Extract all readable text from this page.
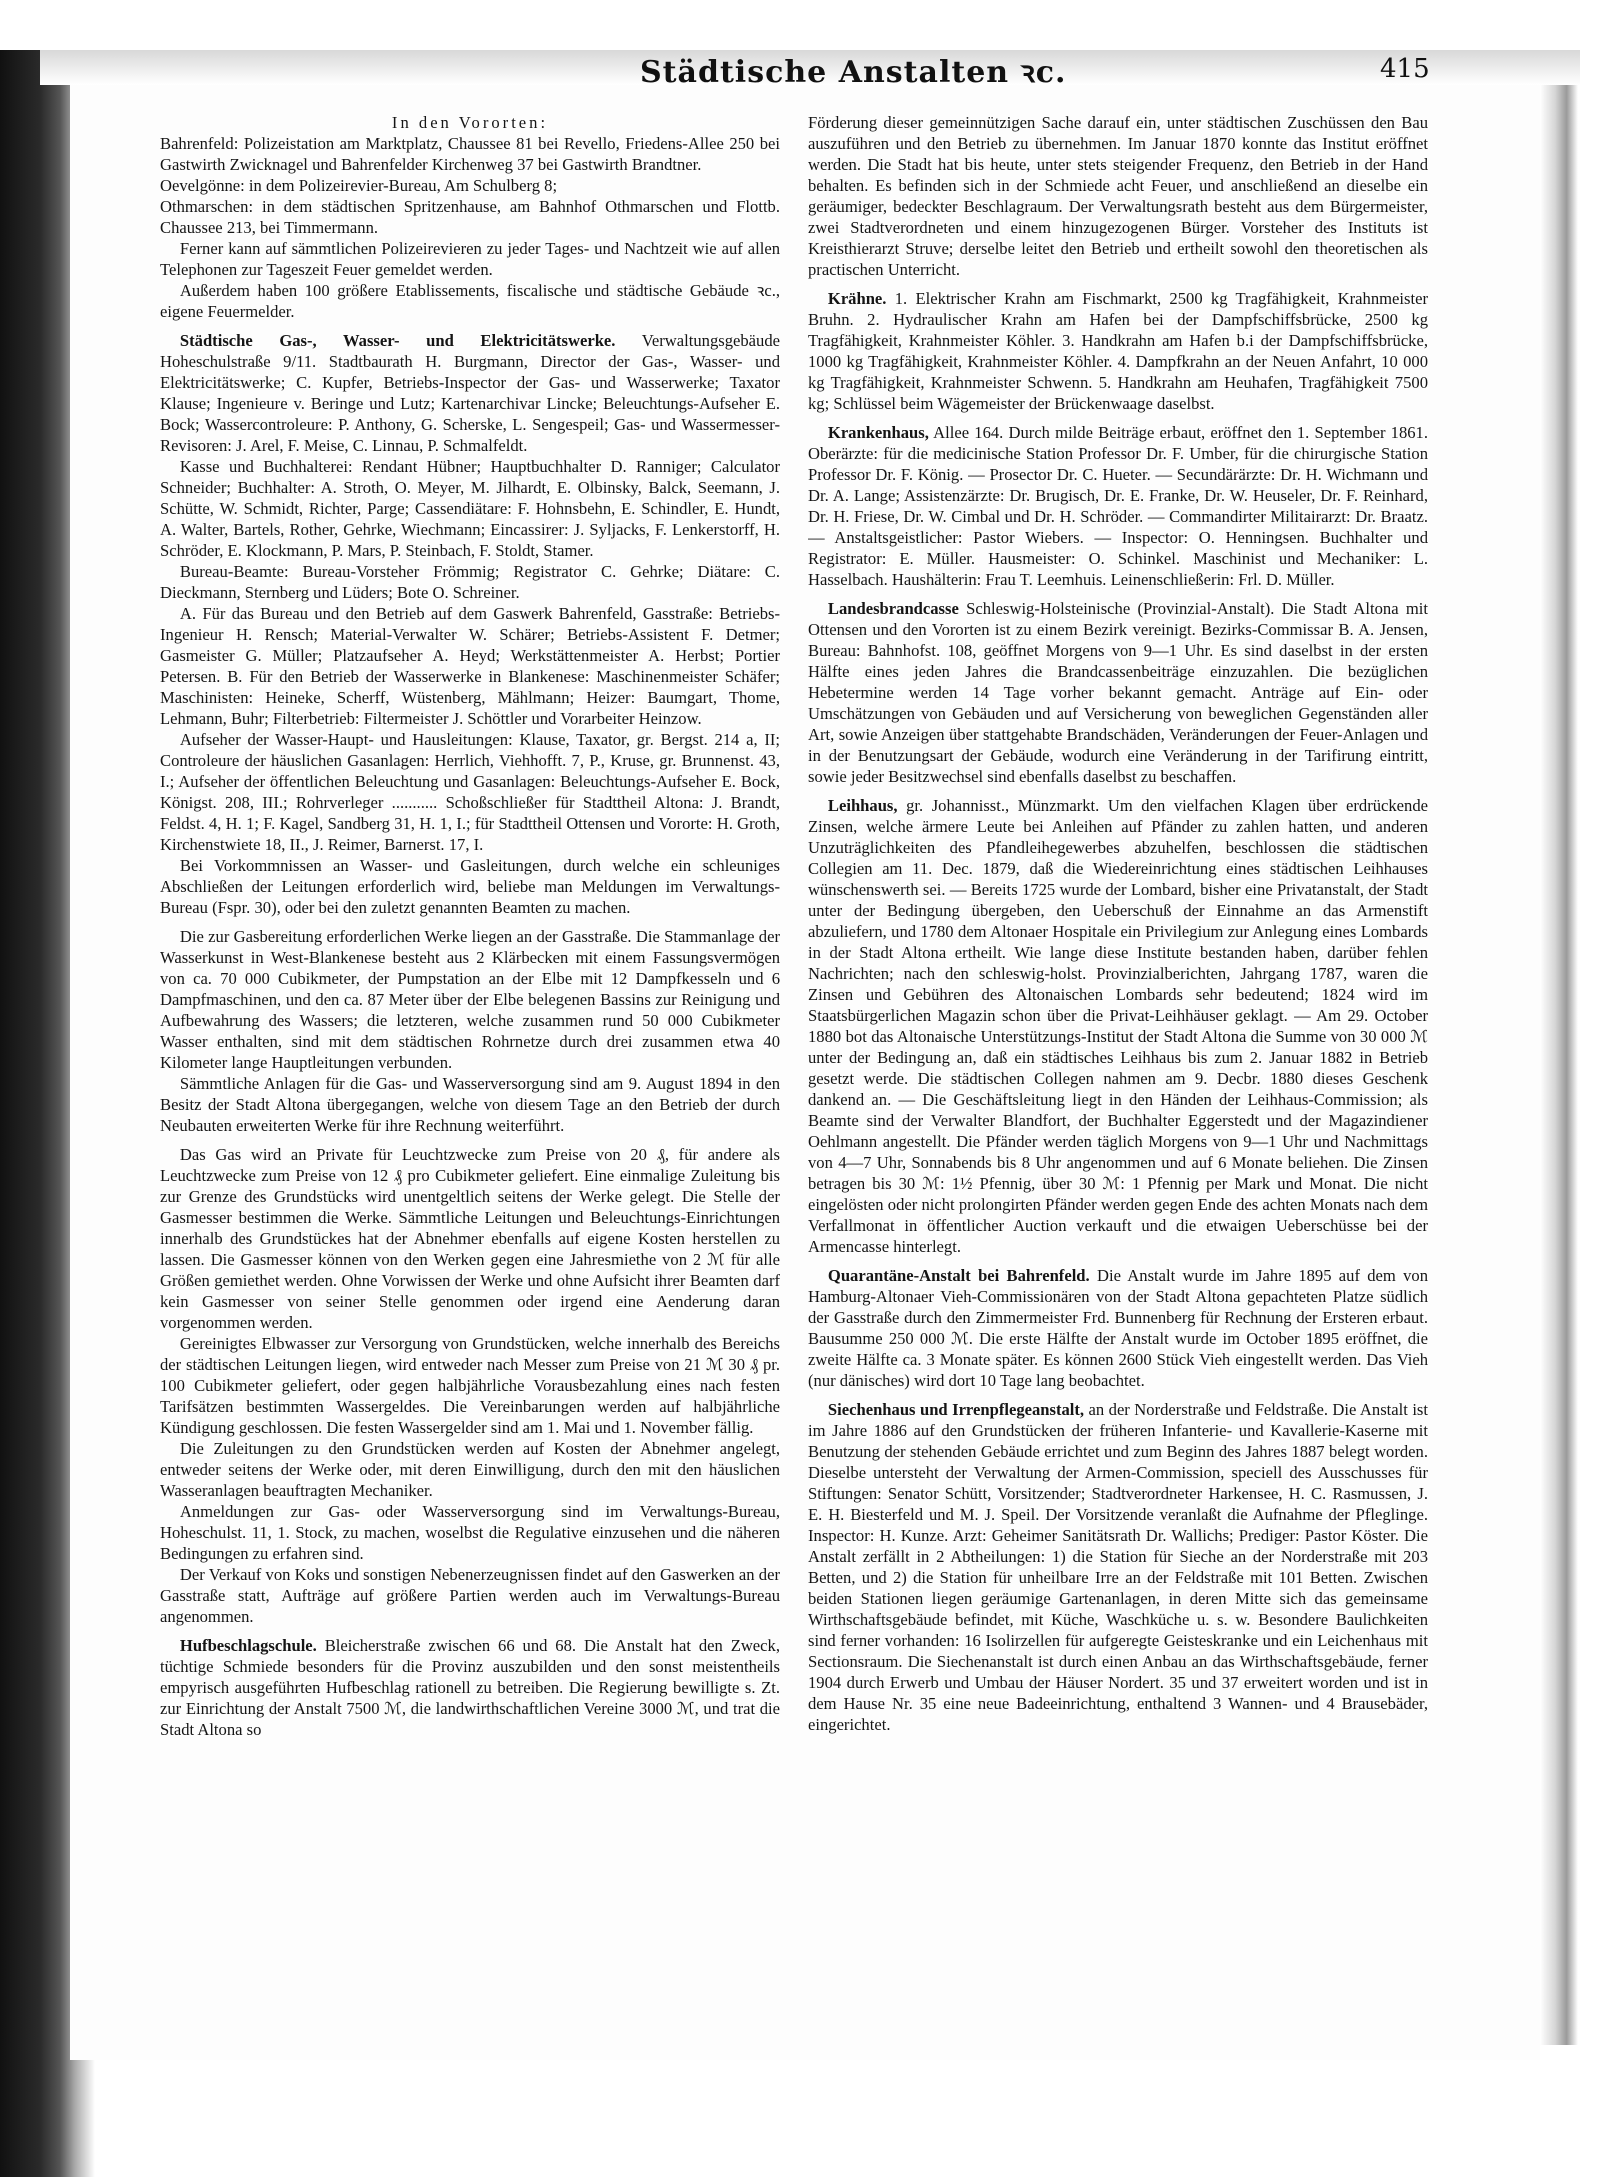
Städtische Anstalten ꝛc.	415

In den Vororten:

Bahrenfeld: Polizeistation am Marktplatz, Chaussee 81 bei Revello, Friedens-Allee 250 bei Gastwirth Zwicknagel und Bahrenfelder Kirchenweg 37 bei Gastwirth Brandtner.

Oevelgönne: in dem Polizeirevier-Bureau, Am Schulberg 8;

Othmarschen: in dem städtischen Spritzenhause, am Bahnhof Othmarschen und Flottb. Chaussee 213, bei Timmermann.

Ferner kann auf sämmtlichen Polizeirevieren zu jeder Tages- und Nachtzeit wie auf allen Telephonen zur Tageszeit Feuer gemeldet werden.

Außerdem haben 100 größere Etablissements, fiscalische und städtische Gebäude ꝛc., eigene Feuermelder.

Städtische Gas-, Wasser- und Elektricitätswerke. Verwaltungsgebäude Hoheschulstraße 9/11. Stadtbaurath H. Burgmann, Director der Gas-, Wasser- und Elektricitätswerke; C. Kupfer, Betriebs-Inspector der Gas- und Wasserwerke; Taxator Klause; Ingenieure v. Beringe und Lutz; Kartenarchivar Lincke; Beleuchtungs-Aufseher E. Bock; Wassercontroleure: P. Anthony, G. Scherske, L. Sengespeil; Gas- und Wassermesser-Revisoren: J. Arel, F. Meise, C. Linnau, P. Schmalfeldt.

Kasse und Buchhalterei: Rendant Hübner; Hauptbuchhalter D. Ranniger; Calculator Schneider; Buchhalter: A. Stroth, O. Meyer, M. Jilhardt, E. Olbinsky, Balck, Seemann, J. Schütte, W. Schmidt, Richter, Parge; Cassendiätare: F. Hohnsbehn, E. Schindler, E. Hundt, A. Walter, Bartels, Rother, Gehrke, Wiechmann; Eincassirer: J. Syljacks, F. Lenkerstorff, H. Schröder, E. Klockmann, P. Mars, P. Steinbach, F. Stoldt, Stamer.

Bureau-Beamte: Bureau-Vorsteher Frömmig; Registrator C. Gehrke; Diätare: C. Dieckmann, Sternberg und Lüders; Bote O. Schreiner.

A. Für das Bureau und den Betrieb auf dem Gaswerk Bahrenfeld, Gasstraße: Betriebs-Ingenieur H. Rensch; Material-Verwalter W. Schärer; Betriebs-Assistent F. Detmer; Gasmeister G. Müller; Platzaufseher A. Heyd; Werkstättenmeister A. Herbst; Portier Petersen. B. Für den Betrieb der Wasserwerke in Blankenese: Maschinenmeister Schäfer; Maschinisten: Heineke, Scherff, Wüstenberg, Mählmann; Heizer: Baumgart, Thome, Lehmann, Buhr; Filterbetrieb: Filtermeister J. Schöttler und Vorarbeiter Heinzow.

Aufseher der Wasser-Haupt- und Hausleitungen: Klause, Taxator, gr. Bergst. 214 a, II; Controleure der häuslichen Gasanlagen: Herrlich, Viehhofft. 7, P., Kruse, gr. Brunnenst. 43, I.; Aufseher der öffentlichen Beleuchtung und Gasanlagen: Beleuchtungs-Aufseher E. Bock, Königst. 208, III.; Rohrverleger ........... Schoßschließer für Stadttheil Altona: J. Brandt, Feldst. 4, H. 1; F. Kagel, Sandberg 31, H. 1, I.; für Stadttheil Ottensen und Vororte: H. Groth, Kirchenstwiete 18, II., J. Reimer, Barnerst. 17, I.

Bei Vorkommnissen an Wasser- und Gasleitungen, durch welche ein schleuniges Abschließen der Leitungen erforderlich wird, beliebe man Meldungen im Verwaltungs-Bureau (Fspr. 30), oder bei den zuletzt genannten Beamten zu machen.

Die zur Gasbereitung erforderlichen Werke liegen an der Gasstraße. Die Stammanlage der Wasserkunst in West-Blankenese besteht aus 2 Klärbecken mit einem Fassungsvermögen von ca. 70 000 Cubikmeter, der Pumpstation an der Elbe mit 12 Dampfkesseln und 6 Dampfmaschinen, und den ca. 87 Meter über der Elbe belegenen Bassins zur Reinigung und Aufbewahrung des Wassers; die letzteren, welche zusammen rund 50 000 Cubikmeter Wasser enthalten, sind mit dem städtischen Rohrnetze durch drei zusammen etwa 40 Kilometer lange Hauptleitungen verbunden.

Sämmtliche Anlagen für die Gas- und Wasserversorgung sind am 9. August 1894 in den Besitz der Stadt Altona übergegangen, welche von diesem Tage an den Betrieb der durch Neubauten erweiterten Werke für ihre Rechnung weiterführt.

Das Gas wird an Private für Leuchtzwecke zum Preise von 20 ₰, für andere als Leuchtzwecke zum Preise von 12 ₰ pro Cubikmeter geliefert. Eine einmalige Zuleitung bis zur Grenze des Grundstücks wird unentgeltlich seitens der Werke gelegt. Die Stelle der Gasmesser bestimmen die Werke. Sämmtliche Leitungen und Beleuchtungs-Einrichtungen innerhalb des Grundstückes hat der Abnehmer ebenfalls auf eigene Kosten herstellen zu lassen. Die Gasmesser können von den Werken gegen eine Jahresmiethe von 2 ℳ für alle Größen gemiethet werden. Ohne Vorwissen der Werke und ohne Aufsicht ihrer Beamten darf kein Gasmesser von seiner Stelle genommen oder irgend eine Aenderung daran vorgenommen werden.

Gereinigtes Elbwasser zur Versorgung von Grundstücken, welche innerhalb des Bereichs der städtischen Leitungen liegen, wird entweder nach Messer zum Preise von 21 ℳ 30 ₰ pr. 100 Cubikmeter geliefert, oder gegen halbjährliche Vorausbezahlung eines nach festen Tarifsätzen bestimmten Wassergeldes. Die Vereinbarungen werden auf halbjährliche Kündigung geschlossen. Die festen Wassergelder sind am 1. Mai und 1. November fällig.

Die Zuleitungen zu den Grundstücken werden auf Kosten der Abnehmer angelegt, entweder seitens der Werke oder, mit deren Einwilligung, durch den mit den häuslichen Wasseranlagen beauftragten Mechaniker.

Anmeldungen zur Gas- oder Wasserversorgung sind im Verwaltungs-Bureau, Hoheschulst. 11, 1. Stock, zu machen, woselbst die Regulative einzusehen und die näheren Bedingungen zu erfahren sind.

Der Verkauf von Koks und sonstigen Nebenerzeugnissen findet auf den Gaswerken an der Gasstraße statt, Aufträge auf größere Partien werden auch im Verwaltungs-Bureau angenommen.

Hufbeschlagschule. Bleicherstraße zwischen 66 und 68. Die Anstalt hat den Zweck, tüchtige Schmiede besonders für die Provinz auszubilden und den sonst meistentheils empyrisch ausgeführten Hufbeschlag rationell zu betreiben. Die Regierung bewilligte s. Zt. zur Einrichtung der Anstalt 7500 ℳ, die landwirthschaftlichen Vereine 3000 ℳ, und trat die Stadt Altona so

Förderung dieser gemeinnützigen Sache darauf ein, unter städtischen Zuschüssen den Bau auszuführen und den Betrieb zu übernehmen. Im Januar 1870 konnte das Institut eröffnet werden. Die Stadt hat bis heute, unter stets steigender Frequenz, den Betrieb in der Hand behalten. Es befinden sich in der Schmiede acht Feuer, und anschließend an dieselbe ein geräumiger, bedeckter Beschlagraum. Der Verwaltungsrath besteht aus dem Bürgermeister, zwei Stadtverordneten und einem hinzugezogenen Bürger. Vorsteher des Instituts ist Kreisthierarzt Struve; derselbe leitet den Betrieb und ertheilt sowohl den theoretischen als practischen Unterricht.

Krähne. 1. Elektrischer Krahn am Fischmarkt, 2500 kg Tragfähigkeit, Krahnmeister Bruhn. 2. Hydraulischer Krahn am Hafen bei der Dampfschiffsbrücke, 2500 kg Tragfähigkeit, Krahnmeister Köhler. 3. Handkrahn am Hafen b.i der Dampfschiffsbrücke, 1000 kg Tragfähigkeit, Krahnmeister Köhler. 4. Dampfkrahn an der Neuen Anfahrt, 10 000 kg Tragfähigkeit, Krahnmeister Schwenn. 5. Handkrahn am Heuhafen, Tragfähigkeit 7500 kg; Schlüssel beim Wägemeister der Brückenwaage daselbst.

Krankenhaus, Allee 164. Durch milde Beiträge erbaut, eröffnet den 1. September 1861. Oberärzte: für die medicinische Station Professor Dr. F. Umber, für die chirurgische Station Professor Dr. F. König. — Prosector Dr. C. Hueter. — Secundärärzte: Dr. H. Wichmann und Dr. A. Lange; Assistenzärzte: Dr. Brugisch, Dr. E. Franke, Dr. W. Heuseler, Dr. F. Reinhard, Dr. H. Friese, Dr. W. Cimbal und Dr. H. Schröder. — Commandirter Militairarzt: Dr. Braatz. — Anstaltsgeistlicher: Pastor Wiebers. — Inspector: O. Henningsen. Buchhalter und Registrator: E. Müller. Hausmeister: O. Schinkel. Maschinist und Mechaniker: L. Hasselbach. Haushälterin: Frau T. Leemhuis. Leinenschließerin: Frl. D. Müller.

Landesbrandcasse Schleswig-Holsteinische (Provinzial-Anstalt). Die Stadt Altona mit Ottensen und den Vororten ist zu einem Bezirk vereinigt. Bezirks-Commissar B. A. Jensen, Bureau: Bahnhofst. 108, geöffnet Morgens von 9—1 Uhr. Es sind daselbst in der ersten Hälfte eines jeden Jahres die Brandcassenbeiträge einzuzahlen. Die bezüglichen Hebetermine werden 14 Tage vorher bekannt gemacht. Anträge auf Ein- oder Umschätzungen von Gebäuden und auf Versicherung von beweglichen Gegenständen aller Art, sowie Anzeigen über stattgehabte Brandschäden, Veränderungen der Feuer-Anlagen und in der Benutzungsart der Gebäude, wodurch eine Veränderung in der Tarifirung eintritt, sowie jeder Besitzwechsel sind ebenfalls daselbst zu beschaffen.

Leihhaus, gr. Johannisst., Münzmarkt. Um den vielfachen Klagen über erdrückende Zinsen, welche ärmere Leute bei Anleihen auf Pfänder zu zahlen hatten, und anderen Unzuträglichkeiten des Pfandleihegewerbes abzuhelfen, beschlossen die städtischen Collegien am 11. Dec. 1879, daß die Wiedereinrichtung eines städtischen Leihhauses wünschenswerth sei. — Bereits 1725 wurde der Lombard, bisher eine Privatanstalt, der Stadt unter der Bedingung übergeben, den Ueberschuß der Einnahme an das Armenstift abzuliefern, und 1780 dem Altonaer Hospitale ein Privilegium zur Anlegung eines Lombards in der Stadt Altona ertheilt. Wie lange diese Institute bestanden haben, darüber fehlen Nachrichten; nach den schleswig-holst. Provinzialberichten, Jahrgang 1787, waren die Zinsen und Gebühren des Altonaischen Lombards sehr bedeutend; 1824 wird im Staatsbürgerlichen Magazin schon über die Privat-Leihhäuser geklagt. — Am 29. October 1880 bot das Altonaische Unterstützungs-Institut der Stadt Altona die Summe von 30 000 ℳ unter der Bedingung an, daß ein städtisches Leihhaus bis zum 2. Januar 1882 in Betrieb gesetzt werde. Die städtischen Collegen nahmen am 9. Decbr. 1880 dieses Geschenk dankend an. — Die Geschäftsleitung liegt in den Händen der Leihhaus-Commission; als Beamte sind der Verwalter Blandfort, der Buchhalter Eggerstedt und der Magazindiener Oehlmann angestellt. Die Pfänder werden täglich Morgens von 9—1 Uhr und Nachmittags von 4—7 Uhr, Sonnabends bis 8 Uhr angenommen und auf 6 Monate beliehen. Die Zinsen betragen bis 30 ℳ: 1½ Pfennig, über 30 ℳ: 1 Pfennig per Mark und Monat. Die nicht eingelösten oder nicht prolongirten Pfänder werden gegen Ende des achten Monats nach dem Verfallmonat in öffentlicher Auction verkauft und die etwaigen Ueberschüsse bei der Armencasse hinterlegt.

Quarantäne-Anstalt bei Bahrenfeld. Die Anstalt wurde im Jahre 1895 auf dem von Hamburg-Altonaer Vieh-Commissionären von der Stadt Altona gepachteten Platze südlich der Gasstraße durch den Zimmermeister Frd. Bunnenberg für Rechnung der Ersteren erbaut. Bausumme 250 000 ℳ. Die erste Hälfte der Anstalt wurde im October 1895 eröffnet, die zweite Hälfte ca. 3 Monate später. Es können 2600 Stück Vieh eingestellt werden. Das Vieh (nur dänisches) wird dort 10 Tage lang beobachtet.

Siechenhaus und Irrenpflegeanstalt, an der Norderstraße und Feldstraße. Die Anstalt ist im Jahre 1886 auf den Grundstücken der früheren Infanterie- und Kavallerie-Kaserne mit Benutzung der stehenden Gebäude errichtet und zum Beginn des Jahres 1887 belegt worden. Dieselbe untersteht der Verwaltung der Armen-Commission, speciell des Ausschusses für Stiftungen: Senator Schütt, Vorsitzender; Stadtverordneter Harkensee, H. C. Rasmussen, J. E. H. Biesterfeld und M. J. Speil. Der Vorsitzende veranlaßt die Aufnahme der Pfleglinge. Inspector: H. Kunze. Arzt: Geheimer Sanitätsrath Dr. Wallichs; Prediger: Pastor Köster. Die Anstalt zerfällt in 2 Abtheilungen: 1) die Station für Sieche an der Norderstraße mit 203 Betten, und 2) die Station für unheilbare Irre an der Feldstraße mit 101 Betten. Zwischen beiden Stationen liegen geräumige Gartenanlagen, in deren Mitte sich das gemeinsame Wirthschaftsgebäude befindet, mit Küche, Waschküche u. s. w. Besondere Baulichkeiten sind ferner vorhanden: 16 Isolirzellen für aufgeregte Geisteskranke und ein Leichenhaus mit Sectionsraum. Die Siechenanstalt ist durch einen Anbau an das Wirthschaftsgebäude, ferner 1904 durch Erwerb und Umbau der Häuser Nordert. 35 und 37 erweitert worden und ist in dem Hause Nr. 35 eine neue Badeeinrichtung, enthaltend 3 Wannen- und 4 Brausebäder, eingerichtet.
